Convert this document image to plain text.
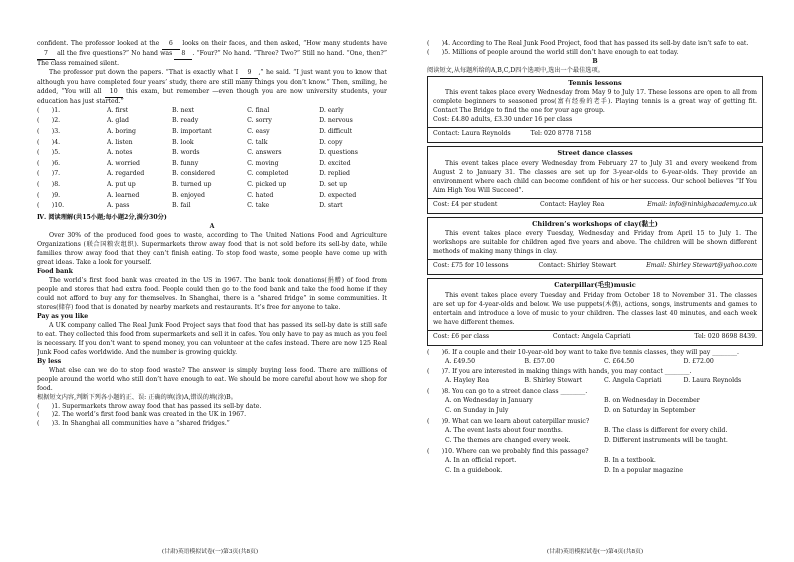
confident. The professor looked at the 6 looks on their faces, and then asked, “How many students have 7 all the five questions?” No hand was 8 . “Four?” No hand. “Three? Two?” Still no hand. “One, then?” The class remained silent.

The professor put down the papers. “That is exactly what I 9 ,” he said. “I just want you to know that although you have completed four years’ study, there are still many things you don’t know.” Then, smiling, he added, “You will all 10 this exam, but remember —even though you are now university students, your education has just started.”

(　　)1.	A. first	B. next	C. final	D. early
(　　)2.	A. glad	B. ready	C. sorry	D. nervous
(　　)3.	A. boring	B. important	C. easy	D. difficult
(　　)4.	A. listen	B. look	C. talk	D. copy
(　　)5.	A. notes	B. words	C. answers	D. questions
(　　)6.	A. worried	B. funny	C. moving	D. excited
(　　)7.	A. regarded	B. considered	C. completed	D. replied
(　　)8.	A. put up	B. turned up	C. picked up	D. set up
(　　)9.	A. learned	B. enjoyed	C. hated	D. expected
(　　)10.	A. pass	B. fail	C. take	D. start

Ⅳ. 阅读理解(共15小题;每小题2分,满分30分)

A

Over 30% of the produced food goes to waste, according to The United Nations Food and Agriculture Organizations (联合国粮农组织). Supermarkets throw away food that is not sold before its sell-by date, while families throw away food that they can’t finish eating. To stop food waste, some people have come up with great ideas. Take a look for yourself.

Food bank

The world’s first food bank was created in the US in 1967. The bank took donations(捐赠) of food from people and stores that had extra food. People could then go to the food bank and take the food home if they could not afford to buy any for themselves. In Shanghai, there is a “shared fridge” in some communities. It stores(储存) food that is donated by nearby markets and restaurants. It’s free for anyone to take.

Pay as you like

A UK company called The Real Junk Food Project says that food that has passed its sell-by date is still safe to eat. They collected this food from supermarkets and sell it in cafes. You only have to pay as much as you feel is necessary. If you don’t want to spend money, you can volunteer at the cafes instead. There are now 125 Real Junk Food cafes worldwide. And the number is growing quickly.

By less

What else can we do to stop food waste? The answer is simply buying less food. There are millions of people around the world who still don’t have enough to eat. We should be more careful about how we shop for food.

根据短文内容,判断下列各小题的正、误: 正确的填(涂)A,错误的填(涂)B。

(　　)1. Supermarkets throw away food that has passed its sell-by date.

(　　)2. The world’s first food bank was created in the UK in 1967.

(　　)3. In Shanghai all communities have a “shared fridges.”

(甘肃)英语模拟试卷(一)第3页(共8页)

(　　)4. According to The Real Junk Food Project, food that has passed its sell-by date isn’t safe to eat.

(　　)5. Millions of people around the world still don’t have enough to eat today.

B

阅读短文,从每题所给的A,B,C,D四个选项中,选出一个最佳选项。

Tennis lessons

This event takes place every Wednesday from May 9 to July 17. These lessons are open to all from complete beginners to seasoned pros(富有经验的老手). Playing tennis is a great way of getting fit. Contact The Bridge to find the one for your age group.

Cost: £4.80 adults, £3.30 under 16 per class

Contact: Laura Reynolds	Tel: 020 8778 7158
Street dance classes

This event takes place every Wednesday from February 27 to July 31 and every weekend from August 2 to January 31. The classes are set up for 3-year-olds to 6-year-olds. They provide an environment where each child can become confident of his or her success. Our school believes “If You Aim High You Will Succeed”.

Cost: £4 per student	Contact: Hayley Rea	Email: info@ninhighacademy.co.uk
Children’s workshops of clay(黏土)

This event takes place every Tuesday, Wednesday and Friday from April 15 to July 1. The workshops are suitable for children aged five years and above. The children will be shown different methods of making many things in clay.

Cost: £75 for 10 lessons	Contact: Shirley Stewart	Email: Shirley Stewart@yahoo.com
Caterpillar(毛虫)music

This event takes place every Tuesday and Friday from October 18 to November 31. The classes are set up for 4-year-olds and below. We use puppets(木偶), actions, songs, instruments and games to entertain and introduce a love of music to your children. The classes last 40 minutes, and each week we have different themes.

Cost: £6 per class	Contact: Angela Capriati	Tel: 020 8698 8439.

(　　)6. If a couple and their 10-year-old boy want to take five tennis classes, they will pay ________.

A. £49.50	B. £57.00	C. £64.50	D. £72.00

(　　)7. If you are interested in making things with hands, you may contact ________.

A. Hayley Rea	B. Shirley Stewart	C. Angela Capriati	D. Laura Reynolds

(　　)8. You can go to a street dance class ________.

A. on Wednesday in January	B. on Wednesday in December
C. on Sunday in July	D. on Saturday in September

(　　)9. What can we learn about caterpillar music?

A. The event lasts about four months.	B. The class is different for every child.
C. The themes are changed every week.	D. Different instruments will be taught.

(　　)10. Where can we probably find this passage?

A. In an official report.	B. In a textbook.
C. In a guidebook.	D. In a popular magazine
(甘肃)英语模拟试卷(一)第4页(共8页)
